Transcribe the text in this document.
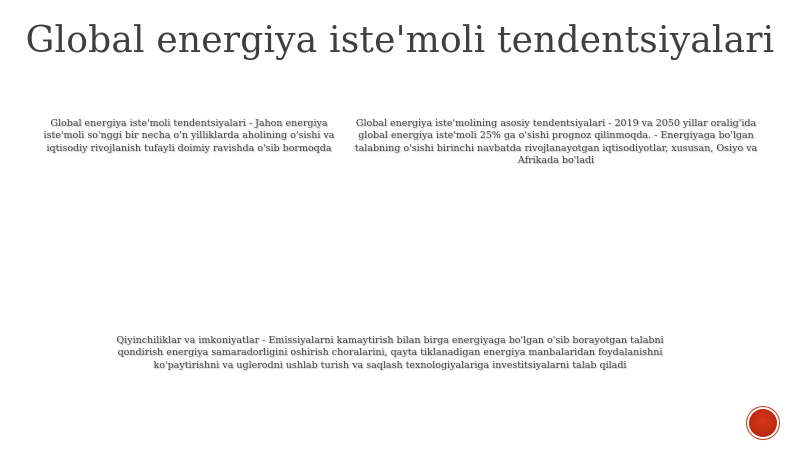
Global energiya iste'moli tendentsiyalari
Global energiya iste'moli tendentsiyalari - Jahon energiya iste'moli so'nggi bir necha o'n yilliklarda aholining o'sishi va iqtisodiy rivojlanish tufayli doimiy ravishda o'sib bormoqda
Global energiya iste'molining asosiy tendentsiyalari - 2019 va 2050 yillar oralig'ida global energiya iste'moli 25% ga o'sishi prognoz qilinmoqda. - Energiyaga bo'lgan talabning o'sishi birinchi navbatda rivojlanayotgan iqtisodiyotlar, xususan, Osiyo va Afrikada bo'ladi
Qiyinchiliklar va imkoniyatlar - Emissiyalarni kamaytirish bilan birga energiyaga bo'lgan o'sib borayotgan talabni qondirish energiya samaradorligini oshirish choralarini, qayta tiklanadigan energiya manbalaridan foydalanishni ko'paytirishni va uglerodni ushlab turish va saqlash texnologiyalariga investitsiyalarni talab qiladi
